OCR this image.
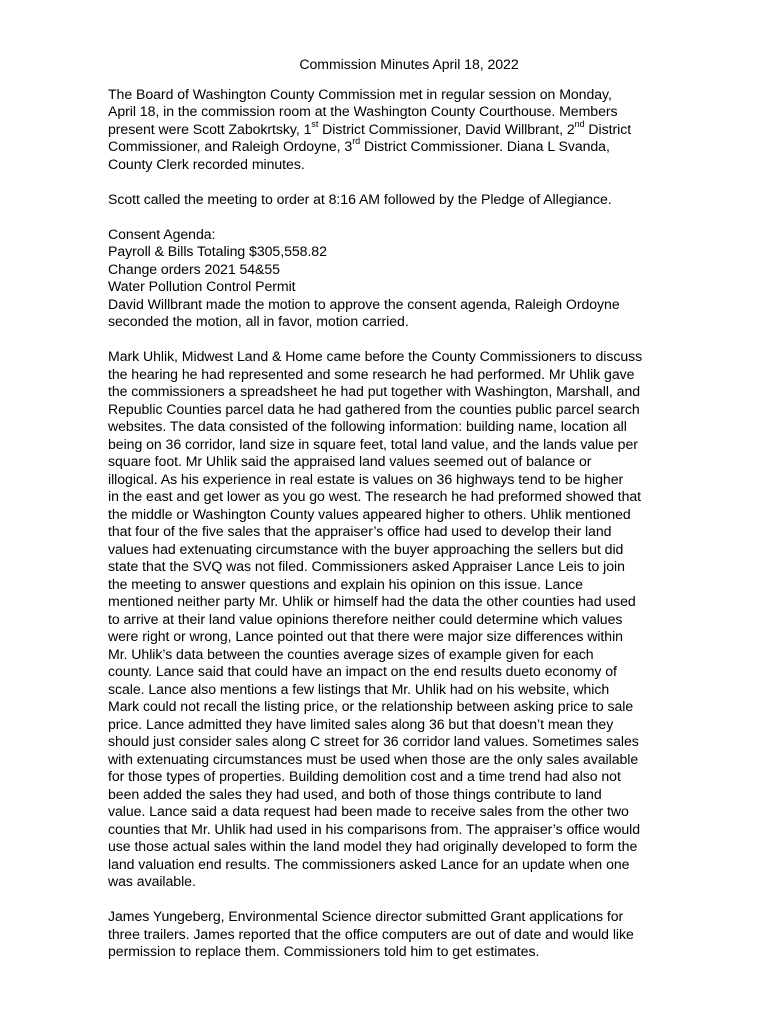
Commission Minutes April 18, 2022

The Board of Washington County Commission met in regular session on Monday,
April 18, in the commission room at the Washington County Courthouse. Members
present were Scott Zabokrtsky, 1st District Commissioner, David Willbrant, 2nd District
Commissioner, and Raleigh Ordoyne, 3rd District Commissioner. Diana L Svanda,
County Clerk recorded minutes.

Scott called the meeting to order at 8:16 AM followed by the Pledge of Allegiance.

Consent Agenda:
Payroll & Bills Totaling $305,558.82
Change orders 2021 54&55
Water Pollution Control Permit
David Willbrant made the motion to approve the consent agenda, Raleigh Ordoyne
seconded the motion, all in favor, motion carried.

Mark Uhlik, Midwest Land & Home came before the County Commissioners to discuss
the hearing he had represented and some research he had performed. Mr Uhlik gave
the commissioners a spreadsheet he had put together with Washington, Marshall, and
Republic Counties parcel data he had gathered from the counties public parcel search
websites. The data consisted of the following information: building name, location all
being on 36 corridor, land size in square feet, total land value, and the lands value per
square foot. Mr Uhlik said the appraised land values seemed out of balance or
illogical. As his experience in real estate is values on 36 highways tend to be higher
in the east and get lower as you go west. The research he had preformed showed that
the middle or Washington County values appeared higher to others. Uhlik mentioned
that four of the five sales that the appraiser’s office had used to develop their land
values had extenuating circumstance with the buyer approaching the sellers but did
state that the SVQ was not filed. Commissioners asked Appraiser Lance Leis to join
the meeting to answer questions and explain his opinion on this issue. Lance
mentioned neither party Mr. Uhlik or himself had the data the other counties had used
to arrive at their land value opinions therefore neither could determine which values
were right or wrong, Lance pointed out that there were major size differences within
Mr. Uhlik’s data between the counties average sizes of example given for each
county. Lance said that could have an impact on the end results dueto economy of
scale. Lance also mentions a few listings that Mr. Uhlik had on his website, which
Mark could not recall the listing price, or the relationship between asking price to sale
price. Lance admitted they have limited sales along 36 but that doesn’t mean they
should just consider sales along C street for 36 corridor land values. Sometimes sales
with extenuating circumstances must be used when those are the only sales available
for those types of properties. Building demolition cost and a time trend had also not
been added the sales they had used, and both of those things contribute to land
value. Lance said a data request had been made to receive sales from the other two
counties that Mr. Uhlik had used in his comparisons from. The appraiser’s office would
use those actual sales within the land model they had originally developed to form the
land valuation end results. The commissioners asked Lance for an update when one
was available.

James Yungeberg, Environmental Science director submitted Grant applications for
three trailers. James reported that the office computers are out of date and would like
permission to replace them. Commissioners told him to get estimates.
